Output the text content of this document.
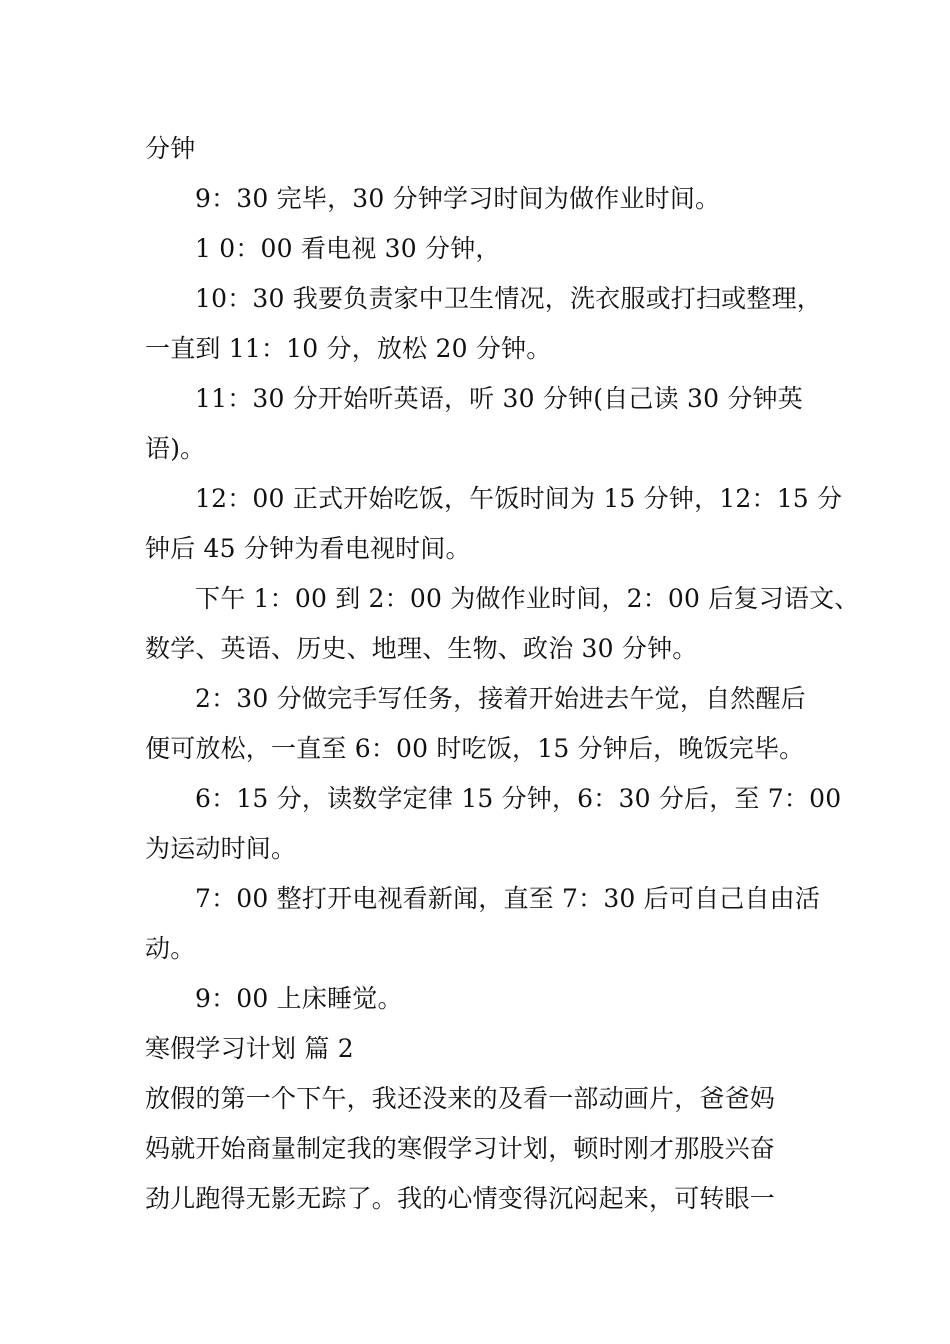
分钟
9：30 完毕，30 分钟学习时间为做作业时间。
1 0：00 看电视 30 分钟，
10：30 我要负责家中卫生情况，洗衣服或打扫或整理，
一直到 11：10 分，放松 20 分钟。
11：30 分开始听英语，听 30 分钟(自己读 30 分钟英
语)。
12：00 正式开始吃饭，午饭时间为 15 分钟，12：15 分
钟后 45 分钟为看电视时间。
下午 1：00 到 2：00 为做作业时间，2：00 后复习语文、
数学、英语、历史、地理、生物、政治 30 分钟。
2：30 分做完手写任务，接着开始进去午觉，自然醒后
便可放松，一直至 6：00 时吃饭，15 分钟后，晚饭完毕。
6：15 分，读数学定律 15 分钟，6：30 分后，至 7：00
为运动时间。
7：00 整打开电视看新闻，直至 7：30 后可自己自由活
动。
9：00 上床睡觉。
寒假学习计划 篇 2
放假的第一个下午，我还没来的及看一部动画片，爸爸妈
妈就开始商量制定我的寒假学习计划，顿时刚才那股兴奋
劲儿跑得无影无踪了。我的心情变得沉闷起来，可转眼一
